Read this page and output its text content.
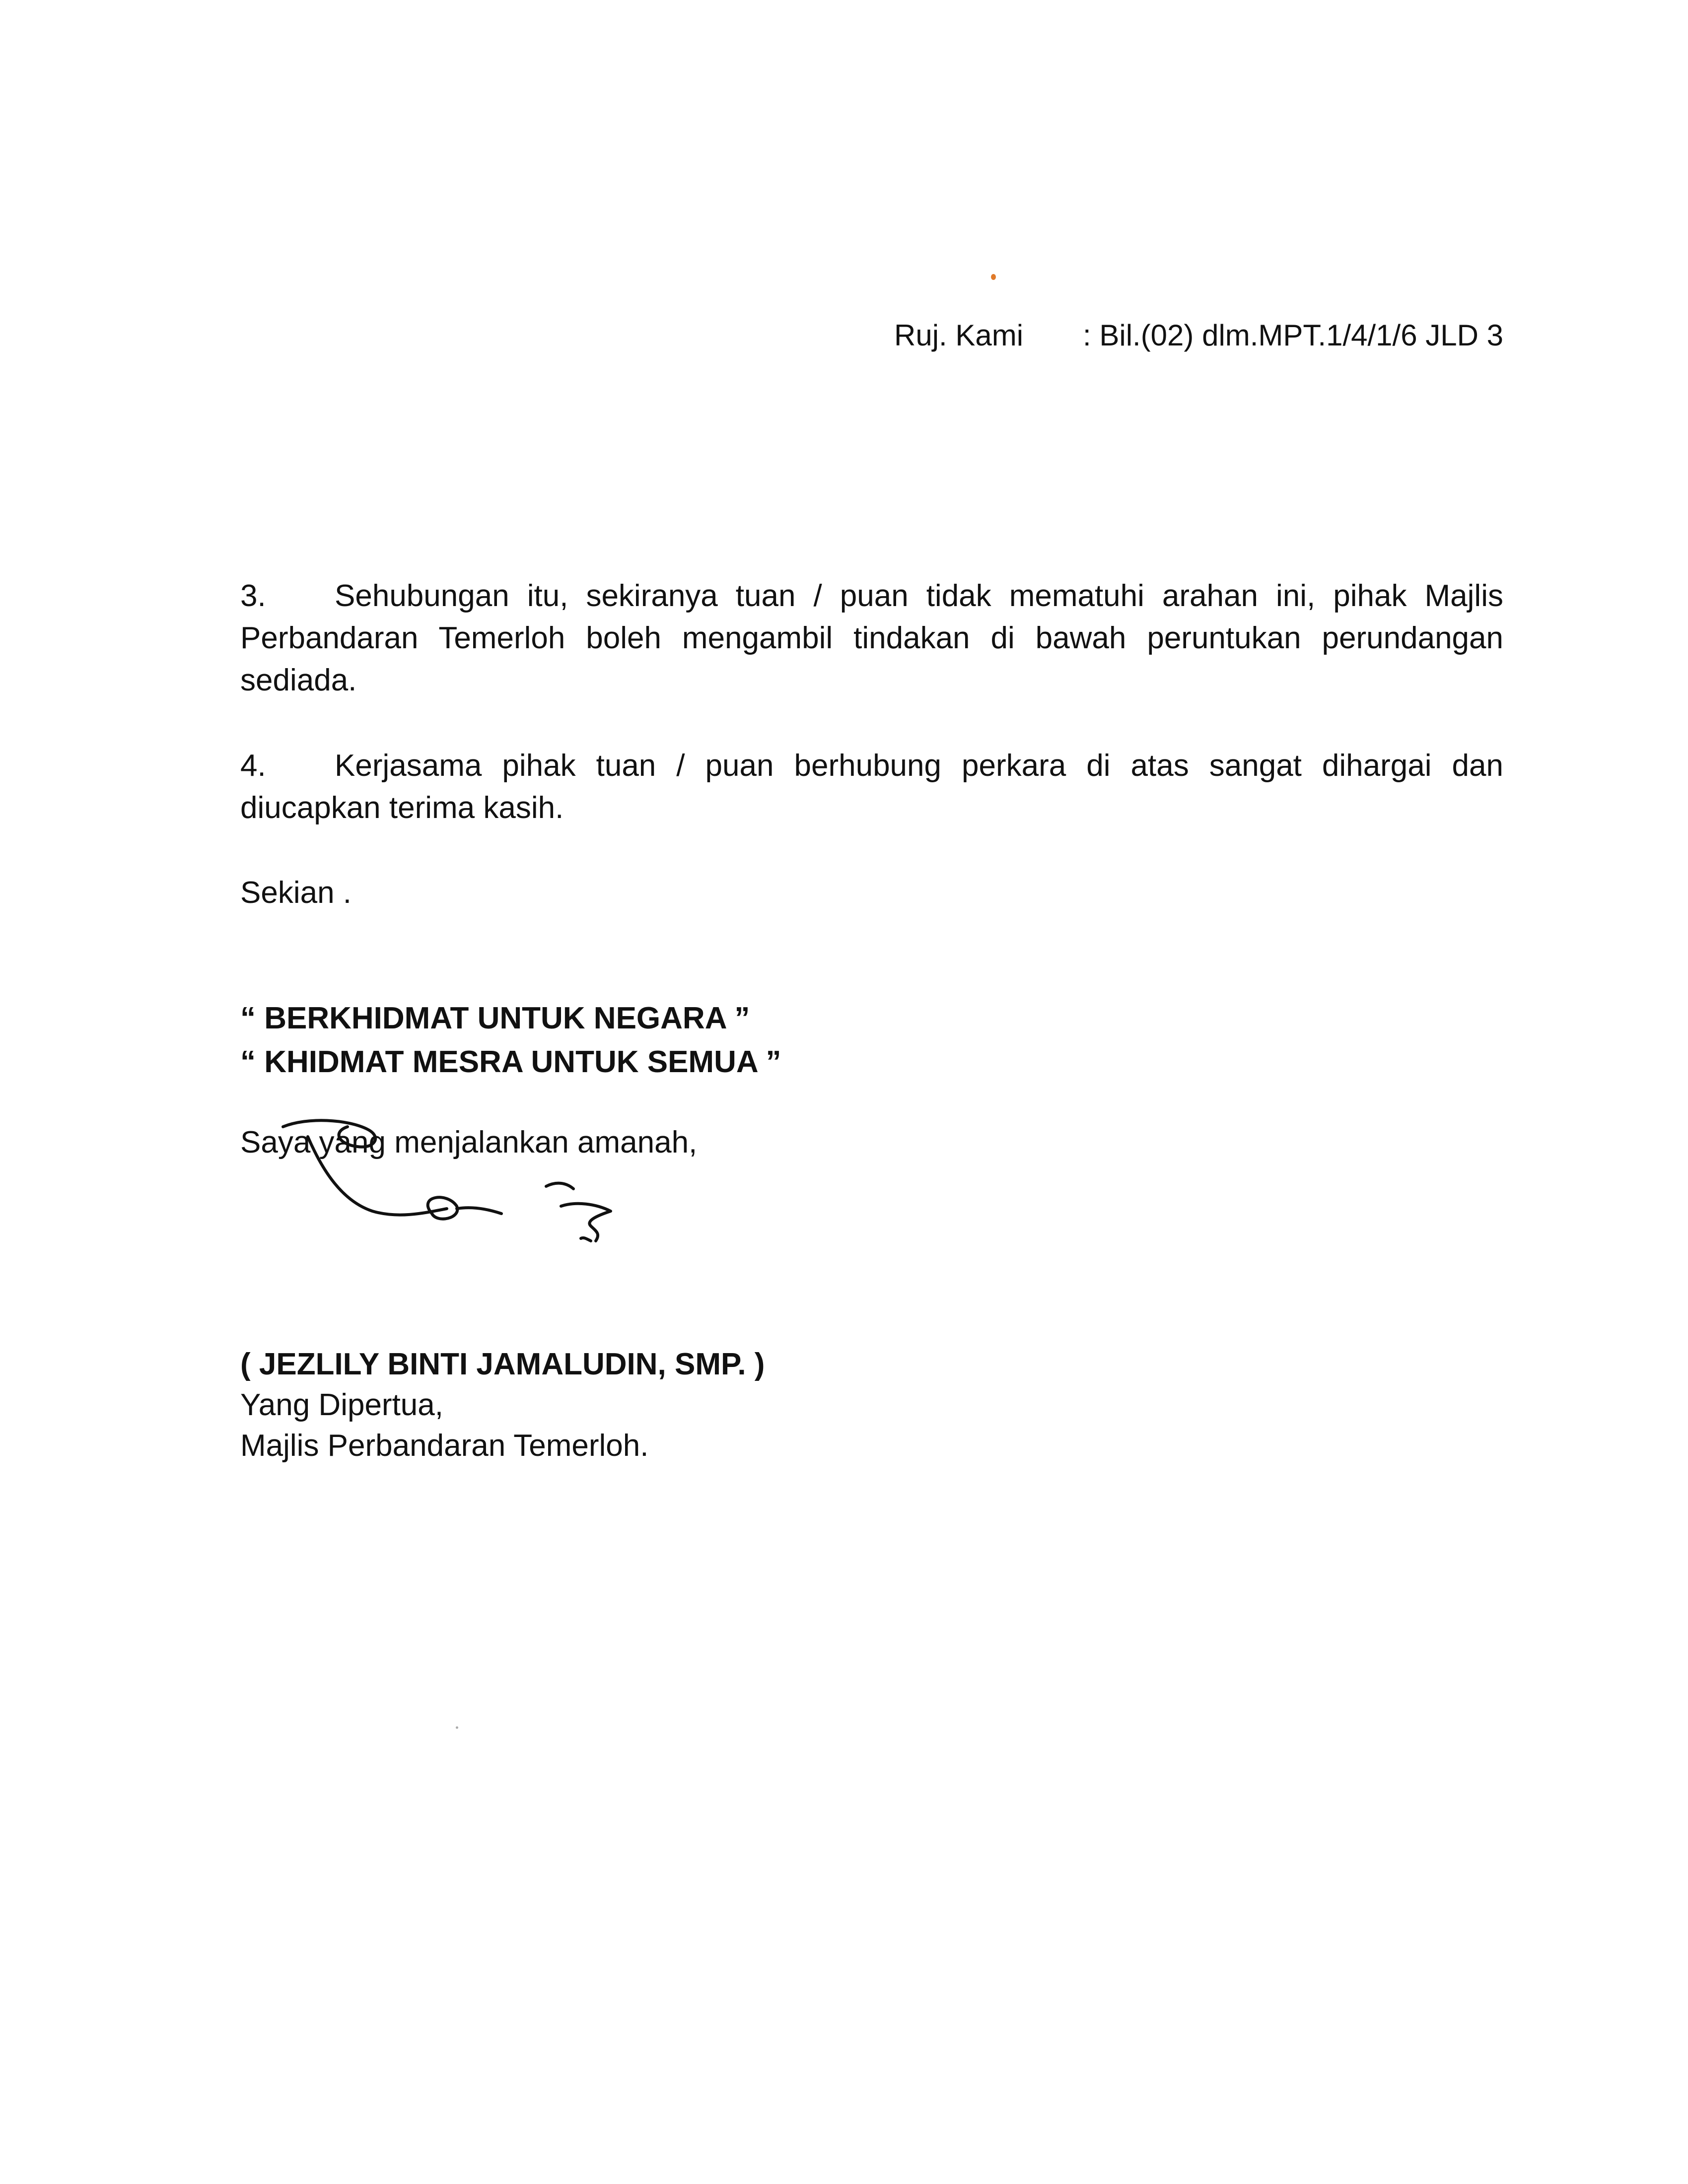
Ruj. Kami	: Bil.(02) dlm.MPT.1/4/1/6 JLD 3

3. Sehubungan itu, sekiranya tuan / puan tidak mematuhi arahan ini, pihak Majlis Perbandaran Temerloh boleh mengambil tindakan di bawah peruntukan perundangan sediada.

4. Kerjasama pihak tuan / puan berhubung perkara di atas sangat dihargai dan diucapkan terima kasih.

Sekian .
“ BERKHIDMAT UNTUK NEGARA ”
“ KHIDMAT MESRA UNTUK SEMUA ”
Saya yang menjalankan amanah,
( JEZLILY BINTI JAMALUDIN, SMP. )
Yang Dipertua,
Majlis Perbandaran Temerloh.
